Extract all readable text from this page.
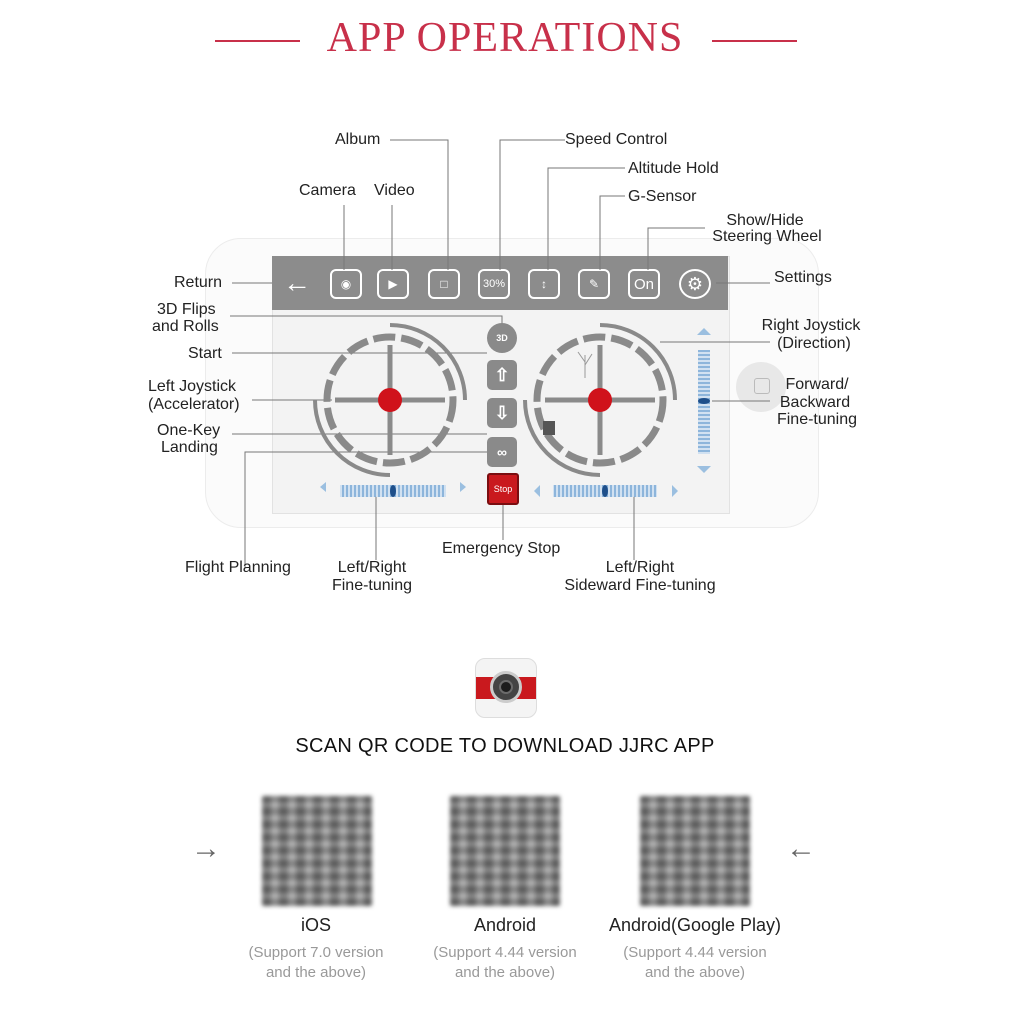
APP OPERATIONS
←	◉	▶	□	30%	↕	✎	On	⚙
3D
⇧
⇩
∞
Stop
Album	Speed Control
Altitude Hold
Camera Video	G-Sensor
Show/Hide
Steering Wheel
Return	Settings
3D Flips
and Rolls
Start
Left Joystick
(Accelerator)
One-Key
Landing
Right Joystick
(Direction)
Forward/
Backward
Fine-tuning
Flight Planning	Left/Right
Fine-tuning
Emergency Stop
Left/Right
Sideward Fine-tuning
SCAN QR CODE TO DOWNLOAD JJRC APP
→	←
iOS	Android	Android(Google Play)
(Support 7.0 version
and the above)
(Support 4.44 version
and the above)
(Support 4.44 version
and the above)
